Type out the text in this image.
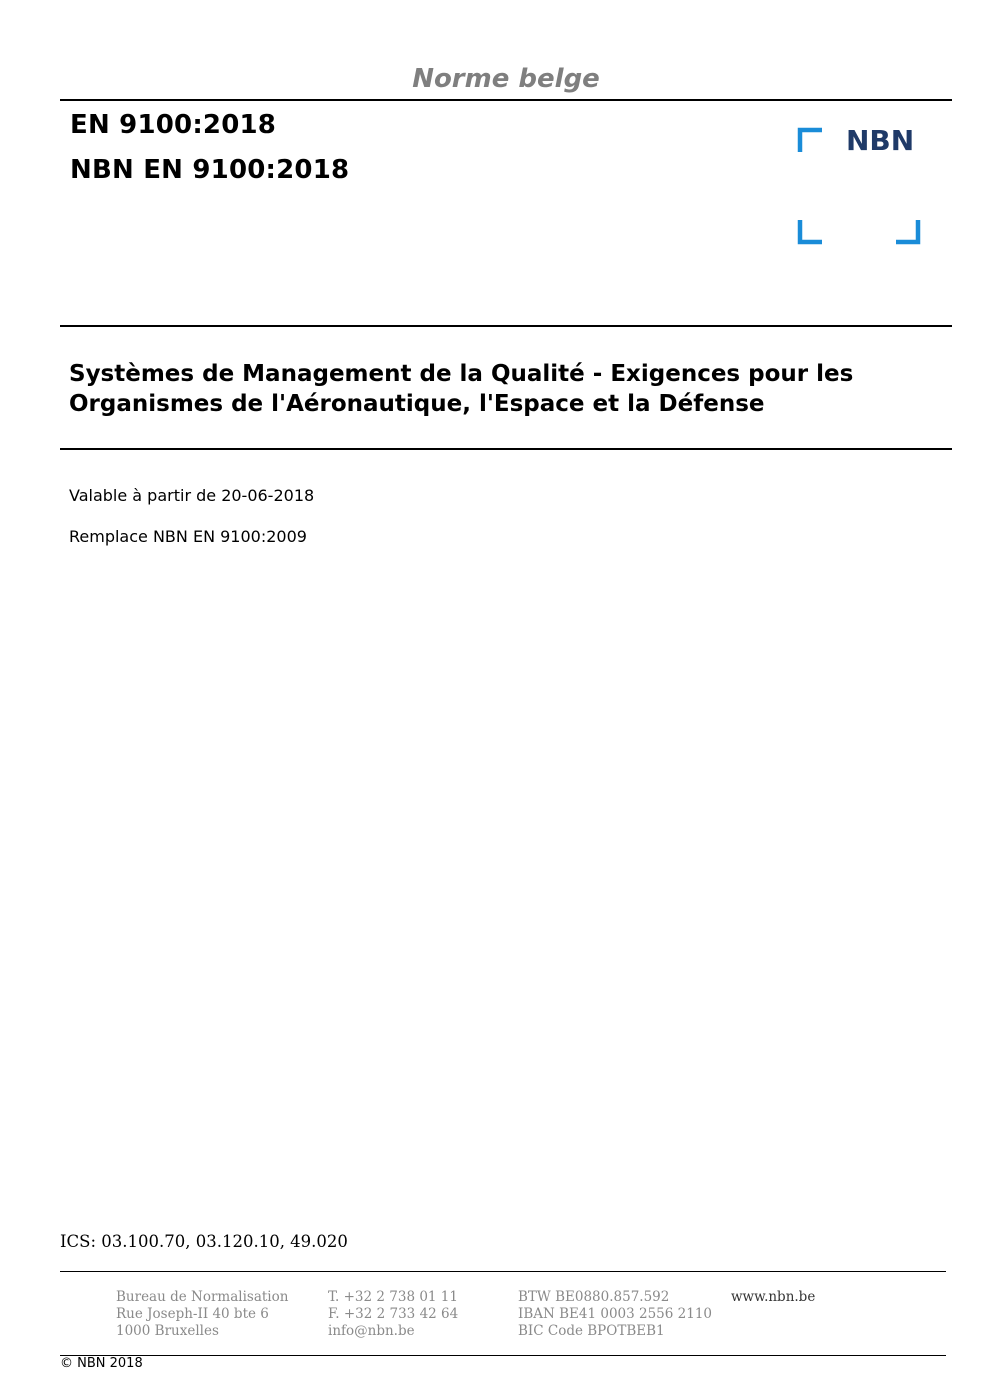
Norme belge
EN 9100:2018
NBN EN 9100:2018
NBN
Systèmes de Management de la Qualité - Exigences pour les
Organismes de l'Aéronautique, l'Espace et la Défense
Valable à partir de 20-06-2018
Remplace NBN EN 9100:2009
ICS: 03.100.70, 03.120.10, 49.020
Bureau de Normalisation
Rue Joseph-II 40 bte 6
1000 Bruxelles
T. +32 2 738 01 11
F. +32 2 733 42 64
info@nbn.be
BTW BE0880.857.592
IBAN BE41 0003 2556 2110
BIC Code BPOTBEB1
www.nbn.be
© NBN 2018
